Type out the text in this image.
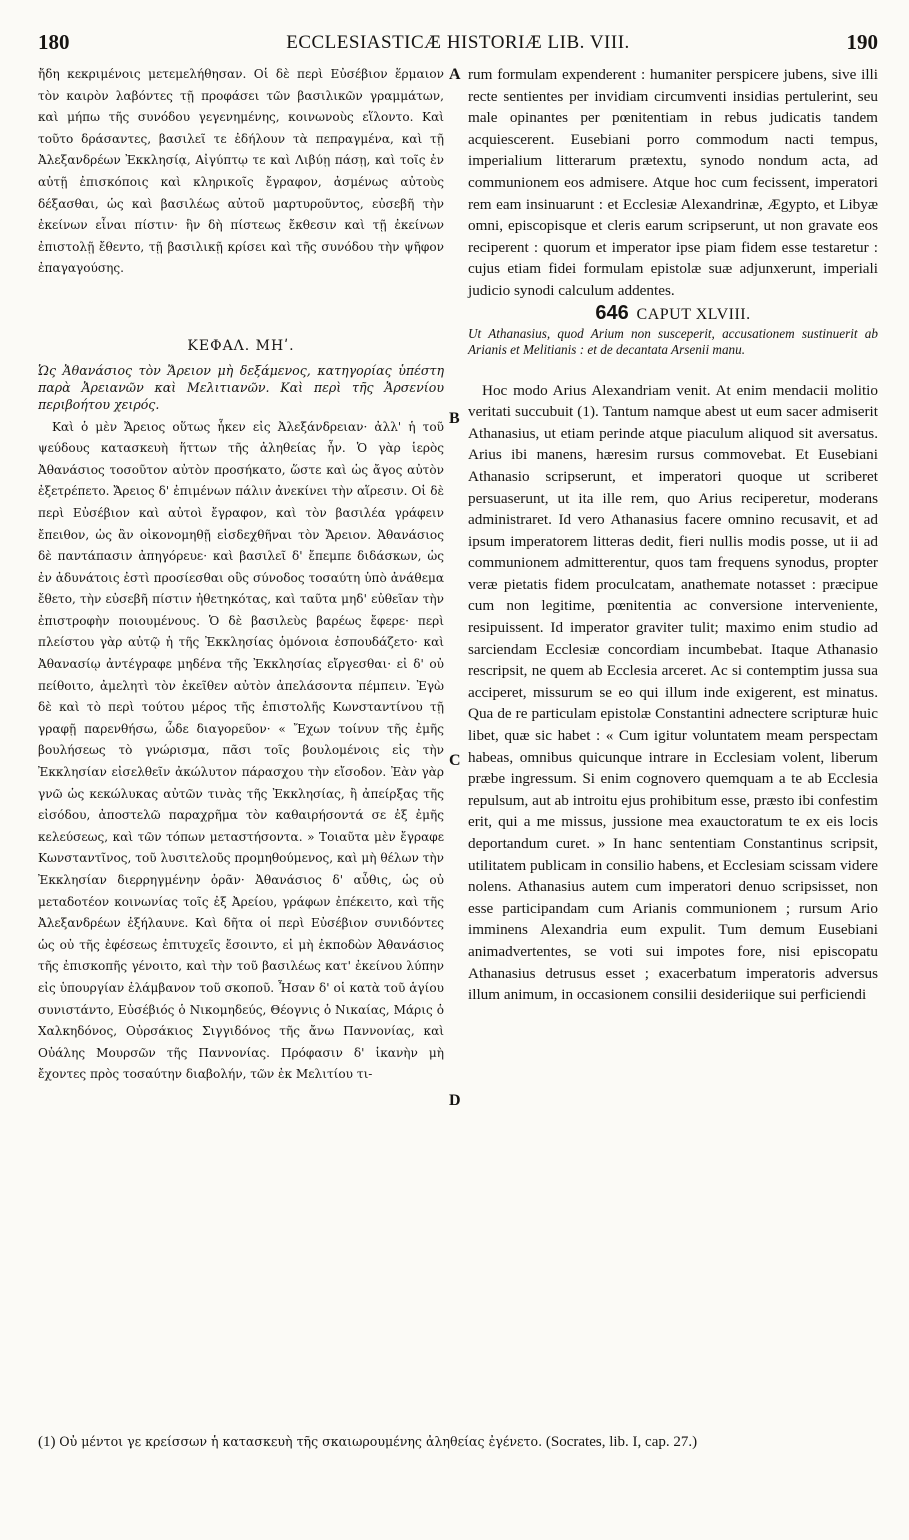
180	ECCLESIASTICÆ HISTORIÆ LIB. VIII.	190

ἤδη κεκριμένοις μετεμελήθησαν. Οἱ δὲ περὶ Εὐσέβιον ἕρμαιον τὸν καιρὸν λαβόντες τῇ προφάσει τῶν βασιλικῶν γραμμάτων, καὶ μήπω τῆς συνόδου γεγενημένης, κοινωνοὺς εἵλοντο. Καὶ τοῦτο δράσαντες, βασιλεῖ τε ἐδήλουν τὰ πεπραγμένα, καὶ τῇ Ἀλεξανδρέων Ἐκκλησίᾳ, Αἰγύπτῳ τε καὶ Λιβύῃ πάσῃ, καὶ τοῖς ἐν αὐτῇ ἐπισκόποις καὶ κληρικοῖς ἔγραφον, ἀσμένως αὐτοὺς δέξασθαι, ὡς καὶ βασιλέως αὐτοῦ μαρτυροῦντος, εὐσεβῆ τὴν ἐκείνων εἶναι πίστιν· ἣν δὴ πίστεως ἔκθεσιν καὶ τῇ ἐκείνων ἐπιστολῇ ἔθεντο, τῇ βασιλικῇ κρίσει καὶ τῆς συνόδου τὴν ψῆφον ἐπαγαγούσης.

ΚΕΦΑΛ. ΜΗʹ.

Ὡς Ἀθανάσιος τὸν Ἄρειον μὴ δεξάμενος, κατηγορίας ὑπέστη παρὰ Ἀρειανῶν καὶ Μελιτιανῶν. Καὶ περὶ τῆς Ἀρσενίου περιβοήτου χειρός.

Καὶ ὁ μὲν Ἄρειος οὕτως ἧκεν εἰς Ἀλεξάνδρειαν· ἀλλ' ἡ τοῦ ψεύδους κατασκευὴ ἥττων τῆς ἀληθείας ἦν. Ὁ γὰρ ἱερὸς Ἀθανάσιος τοσοῦτον αὐτὸν προσήκατο, ὥστε καὶ ὡς ἄγος αὐτὸν ἐξετρέπετο. Ἄρειος δ' ἐπιμένων πάλιν ἀνεκίνει τὴν αἵρεσιν. Οἱ δὲ περὶ Εὐσέβιον καὶ αὐτοὶ ἔγραφον, καὶ τὸν βασιλέα γράφειν ἔπειθον, ὡς ἂν οἰκονομηθῇ εἰσδεχθῆναι τὸν Ἄρειον. Ἀθανάσιος δὲ παντάπασιν ἀπηγόρευε· καὶ βασιλεῖ δ' ἔπεμπε διδάσκων, ὡς ἐν ἀδυνάτοις ἐστὶ προσίεσθαι οὓς σύνοδος τοσαύτη ὑπὸ ἀνάθεμα ἔθετο, τὴν εὐσεβῆ πίστιν ἠθετηκότας, καὶ ταῦτα μηδ' εὐθεῖαν τὴν ἐπιστροφὴν ποιουμένους. Ὁ δὲ βασιλεὺς βαρέως ἔφερε· περὶ πλείστου γὰρ αὐτῷ ἡ τῆς Ἐκκλησίας ὁμόνοια ἐσπουδάζετο· καὶ Ἀθανασίῳ ἀντέγραφε μηδένα τῆς Ἐκκλησίας εἴργεσθαι· εἰ δ' οὐ πείθοιτο, ἀμελητὶ τὸν ἐκεῖθεν αὐτὸν ἀπελάσοντα πέμπειν. Ἐγὼ δὲ καὶ τὸ περὶ τούτου μέρος τῆς ἐπιστολῆς Κωνσταντίνου τῇ γραφῇ παρενθήσω, ὧδε διαγορεῦον· « Ἔχων τοίνυν τῆς ἐμῆς βουλήσεως τὸ γνώρισμα, πᾶσι τοῖς βουλομένοις εἰς τὴν Ἐκκλησίαν εἰσελθεῖν ἀκώλυτον πάρασχου τὴν εἴσοδον. Ἐὰν γὰρ γνῶ ὡς κεκώλυκας αὐτῶν τινὰς τῆς Ἐκκλησίας, ἢ ἀπείρξας τῆς εἰσόδου, ἀποστελῶ παραχρῆμα τὸν καθαιρήσοντά σε ἐξ ἐμῆς κελεύσεως, καὶ τῶν τόπων μεταστήσοντα. » Τοιαῦτα μὲν ἔγραφε Κωνσταντῖνος, τοῦ λυσιτελοῦς προμηθούμενος, καὶ μὴ θέλων τὴν Ἐκκλησίαν διερρηγμένην ὁρᾶν· Ἀθανάσιος δ' αὖθις, ὡς οὐ μεταδοτέον κοινωνίας τοῖς ἐξ Ἀρείου, γράφων ἐπέκειτο, καὶ τῆς Ἀλεξανδρέων ἐξήλαυνε. Καὶ δῆτα οἱ περὶ Εὐσέβιον συνιδόντες ὡς οὐ τῆς ἐφέσεως ἐπιτυχεῖς ἔσοιντο, εἰ μὴ ἐκποδὼν Ἀθανάσιος τῆς ἐπισκοπῆς γένοιτο, καὶ τὴν τοῦ βασιλέως κατ' ἐκείνου λύπην εἰς ὑπουργίαν ἐλάμβανον τοῦ σκοποῦ. Ἦσαν δ' οἱ κατὰ τοῦ ἁγίου συνιστάντο, Εὐσέβιός ὁ Νικομηδεύς, Θέογνις ὁ Νικαίας, Μάρις ὁ Χαλκηδόνος, Οὐρσάκιος Σιγγιδόνος τῆς ἄνω Παννονίας, καὶ Οὐάλης Μουρσῶν τῆς Παννονίας. Πρόφασιν δ' ἱκανὴν μὴ ἔχοντες πρὸς τοσαύτην διαβολήν, τῶν ἐκ Μελιτίου τι-

A
B
C
D

rum formulam expenderent : humaniter perspicere jubens, sive illi recte sentientes per invidiam circumventi insidias pertulerint, seu male opinantes per pœnitentiam in rebus judicatis tandem acquiescerent. Eusebiani porro commodum nacti tempus, imperialium litterarum prætextu, synodo nondum acta, ad communionem eos admisere. Atque hoc cum fecissent, imperatori rem eam insinuarunt : et Ecclesiæ Alexandrinæ, Ægypto, et Libyæ omni, episcopisque et cleris earum scripserunt, ut non gravate eos reciperent : quorum et imperator ipse piam fidem esse testaretur : cujus etiam fidei formulam epistolæ suæ adjunxerunt, imperiali judicio synodi calculum addentes.

646 CAPUT XLVIII.

Ut Athanasius, quod Arium non susceperit, accusationem sustinuerit ab Arianis et Melitianis : et de decantata Arsenii manu.

Hoc modo Arius Alexandriam venit. At enim mendacii molitio veritati succubuit (1). Tantum namque abest ut eum sacer admiserit Athanasius, ut etiam perinde atque piaculum aliquod sit aversatus. Arius ibi manens, hæresim rursus commovebat. Et Eusebiani Athanasio scripserunt, et imperatori quoque ut scriberet persuaserunt, ut ita ille rem, quo Arius reciperetur, moderans administraret. Id vero Athanasius facere omnino recusavit, et ad ipsum imperatorem litteras dedit, fieri nullis modis posse, ut ii ad communionem admitterentur, quos tam frequens synodus, propter veræ pietatis fidem proculcatam, anathemate notasset : præcipue cum non legitime, pœnitentia ac conversione interveniente, resipuissent. Id imperator graviter tulit; maximo enim studio ad sarciendam Ecclesiæ concordiam incumbebat. Itaque Athanasio rescripsit, ne quem ab Ecclesia arceret. Ac si contemptim jussa sua acciperet, missurum se eo qui illum inde exigerent, est minatus. Qua de re particulam epistolæ Constantini adnectere scripturæ huic libet, quæ sic habet : « Cum igitur voluntatem meam perspectam habeas, omnibus quicunque intrare in Ecclesiam volent, liberum præbe ingressum. Si enim cognovero quemquam a te ab Ecclesia repulsum, aut ab introitu ejus prohibitum esse, præsto ibi confestim erit, qui a me missus, jussione mea exauctoratum te ex eis locis deportandum curet. » In hanc sententiam Constantinus scripsit, utilitatem publicam in consilio habens, et Ecclesiam scissam videre nolens. Athanasius autem cum imperatori denuo scripsisset, non esse participandam cum Arianis communionem ; rursum Ario imminens Alexandria eum expulit. Tum demum Eusebiani animadvertentes, se voti sui impotes fore, nisi episcopatu Athanasius detrusus esset ; exacerbatum imperatoris adversus illum animum, in occasionem consilii desideriique sui perficiendi

(1) Οὐ μέντοι γε κρείσσων ἡ κατασκευὴ τῆς σκαιωρουμένης ἀληθείας ἐγένετο. (Socrates, lib. I, cap. 27.)
